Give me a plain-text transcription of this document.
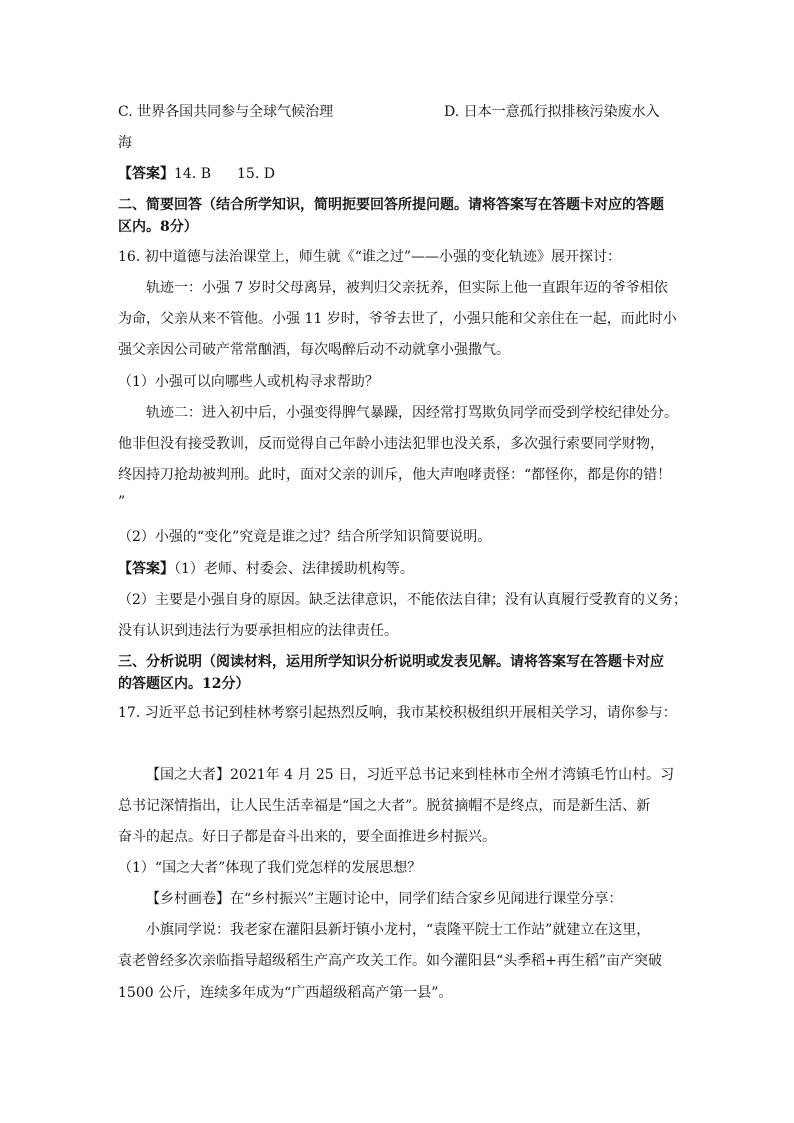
C. 世界各国共同参与全球气候治理	D. 日本一意孤行拟排核污染废水入
海
【答案】14. B 15. D
二、简要回答（结合所学知识，简明扼要回答所提问题。请将答案写在答题卡对应的答题
区内。8分）
16. 初中道德与法治课堂上，师生就《“谁之过”——小强的变化轨迹》展开探讨：
轨迹一：小强 7 岁时父母离异，被判归父亲抚养，但实际上他一直跟年迈的爷爷相依
为命，父亲从来不管他。小强 11 岁时，爷爷去世了，小强只能和父亲住在一起，而此时小
强父亲因公司破产常常酗酒，每次喝醉后动不动就拿小强撒气。
（1）小强可以向哪些人或机构寻求帮助？
轨迹二：进入初中后，小强变得脾气暴躁，因经常打骂欺负同学而受到学校纪律处分。
他非但没有接受教训，反而觉得自己年龄小违法犯罪也没关系，多次强行索要同学财物，
终因持刀抢劫被判刑。此时，面对父亲的训斥，他大声咆哮责怪：“都怪你，都是你的错！
”
（2）小强的“变化”究竟是谁之过？结合所学知识简要说明。
【答案】（1）老师、村委会、法律援助机构等。
（2）主要是小强自身的原因。缺乏法律意识，不能依法自律；没有认真履行受教育的义务；
没有认识到违法行为要承担相应的法律责任。
三、分析说明（阅读材料，运用所学知识分析说明或发表见解。请将答案写在答题卡对应
的答题区内。12分）
17. 习近平总书记到桂林考察引起热烈反响，我市某校积极组织开展相关学习，请你参与：
【国之大者】2021年 4 月 25 日，习近平总书记来到桂林市全州才湾镇毛竹山村。习
总书记深情指出，让人民生活幸福是“国之大者”。脱贫摘帽不是终点，而是新生活、新
奋斗的起点。好日子都是奋斗出来的，要全面推进乡村振兴。
（1）“国之大者”体现了我们党怎样的发展思想？
【乡村画卷】在“乡村振兴”主题讨论中，同学们结合家乡见闻进行课堂分享：
小旗同学说：我老家在灌阳县新圩镇小龙村，“袁隆平院士工作站”就建立在这里，
袁老曾经多次亲临指导超级稻生产高产攻关工作。如今灌阳县“头季稻+再生稻”亩产突破
1500 公斤，连续多年成为“广西超级稻高产第一县”。
